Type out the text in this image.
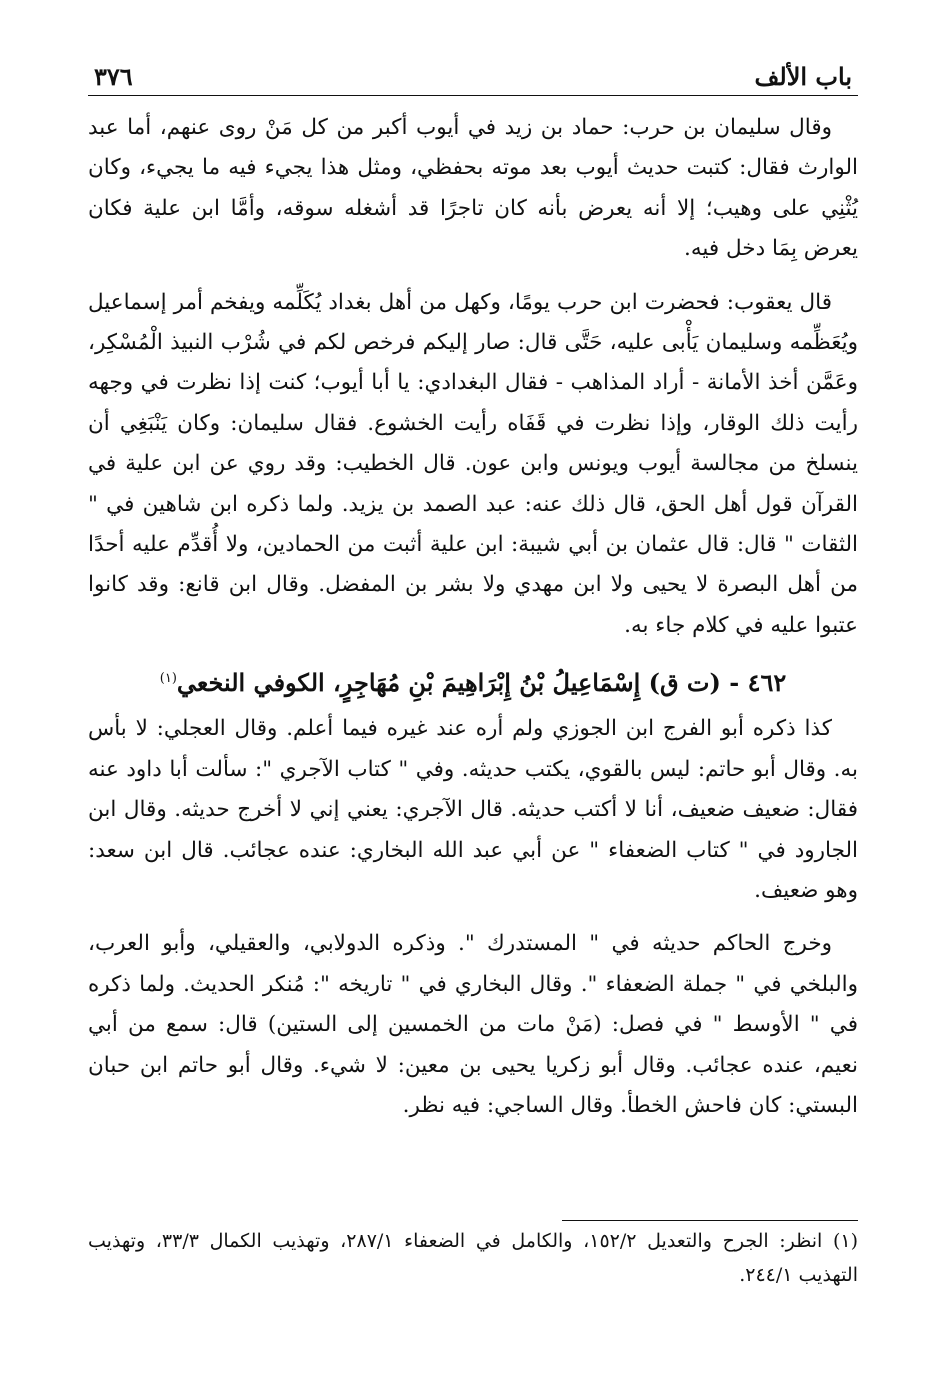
باب الألف
٣٧٦

وقال سليمان بن حرب: حماد بن زيد في أيوب أكبر من كل مَنْ روى عنهم، أما عبد الوارث فقال: كتبت حديث أيوب بعد موته بحفظي، ومثل هذا يجيء فيه ما يجيء، وكان يُثْنِي على وهيب؛ إلا أنه يعرض بأنه كان تاجرًا قد أشغله سوقه، وأمَّا ابن علية فكان يعرض بِمَا دخل فيه.

قال يعقوب: فحضرت ابن حرب يومًا، وكهل من أهل بغداد يُكَلِّمه ويفخم أمر إسماعيل ويُعَظِّمه وسليمان يَأْبى عليه، حَتَّى قال: صار إليكم فرخص لكم في شُرْب النبيذ الْمُسْكِر، وعَمَّن أخذ الأمانة - أراد المذاهب - فقال البغدادي: يا أبا أيوب؛ كنت إذا نظرت في وجهه رأيت ذلك الوقار، وإذا نظرت في قَفَاه رأيت الخشوع. فقال سليمان: وكان يَنْبَغِي أن ينسلخ من مجالسة أيوب ويونس وابن عون. قال الخطيب: وقد روي عن ابن علية في القرآن قول أهل الحق، قال ذلك عنه: عبد الصمد بن يزيد. ولما ذكره ابن شاهين في " الثقات " قال: قال عثمان بن أبي شيبة: ابن علية أثبت من الحمادين، ولا أُقدِّم عليه أحدًا من أهل البصرة لا يحيى ولا ابن مهدي ولا بشر بن المفضل. وقال ابن قانع: وقد كانوا عتبوا عليه في كلام جاء به.

٤٦٢ - (ت ق) إِسْمَاعِيلُ بْنُ إِبْرَاهِيمَ بْنِ مُهَاجِرٍ، الكوفي النخعي$^{(١)}$

كذا ذكره أبو الفرج ابن الجوزي ولم أره عند غيره فيما أعلم. وقال العجلي: لا بأس به. وقال أبو حاتم: ليس بالقوي، يكتب حديثه. وفي " كتاب الآجري ": سألت أبا داود عنه فقال: ضعيف ضعيف، أنا لا أكتب حديثه. قال الآجري: يعني إني لا أخرج حديثه. وقال ابن الجارود في " كتاب الضعفاء " عن أبي عبد الله البخاري: عنده عجائب. قال ابن سعد: وهو ضعيف.

وخرج الحاكم حديثه في " المستدرك ". وذكره الدولابي، والعقيلي، وأبو العرب، والبلخي في " جملة الضعفاء ". وقال البخاري في " تاريخه ": مُنكر الحديث. ولما ذكره في " الأوسط " في فصل: (مَنْ مات من الخمسين إلى الستين) قال: سمع من أبي نعيم، عنده عجائب. وقال أبو زكريا يحيى بن معين: لا شيء. وقال أبو حاتم ابن حبان البستي: كان فاحش الخطأ. وقال الساجي: فيه نظر.

(١) انظر: الجرح والتعديل ١٥٢/٢، والكامل في الضعفاء ٢٨٧/١، وتهذيب الكمال ٣٣/٣، وتهذيب التهذيب ٢٤٤/١.
